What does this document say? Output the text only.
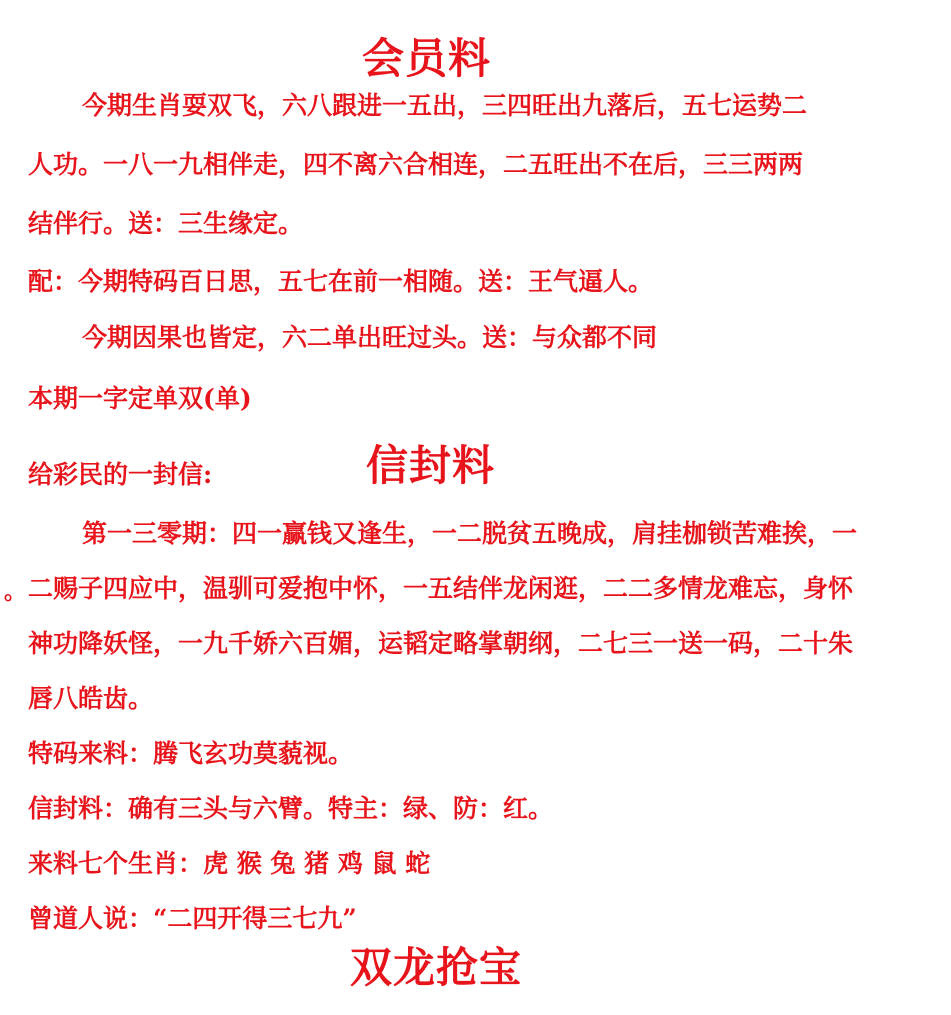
会员料
今期生肖耍双飞，六八跟进一五出，三四旺出九落后，五七运势二
人功。一八一九相伴走，四不离六合相连，二五旺出不在后，三三两两
结伴行。送：三生缘定。
配：今期特码百日思，五七在前一相随。送：王气逼人。
今期因果也皆定，六二单出旺过头。送：与众都不同
本期一字定单双(单)
给彩民的一封信:	信封料
第一三零期：四一赢钱又逢生，一二脱贫五晚成，肩挂枷锁苦难挨，一
。 二赐子四应中，温驯可爱抱中怀，一五结伴龙闲逛，二二多情龙难忘，身怀
神功降妖怪，一九千娇六百媚，运韬定略掌朝纲，二七三一送一码，二十朱
唇八皓齿。
特码来料：腾飞玄功莫藐视。
信封料：确有三头与六臂。特主：绿、防：红。
来料七个生肖：虎 猴 兔 猪 鸡 鼠 蛇
曾道人说：“二四开得三七九”
双龙抢宝
